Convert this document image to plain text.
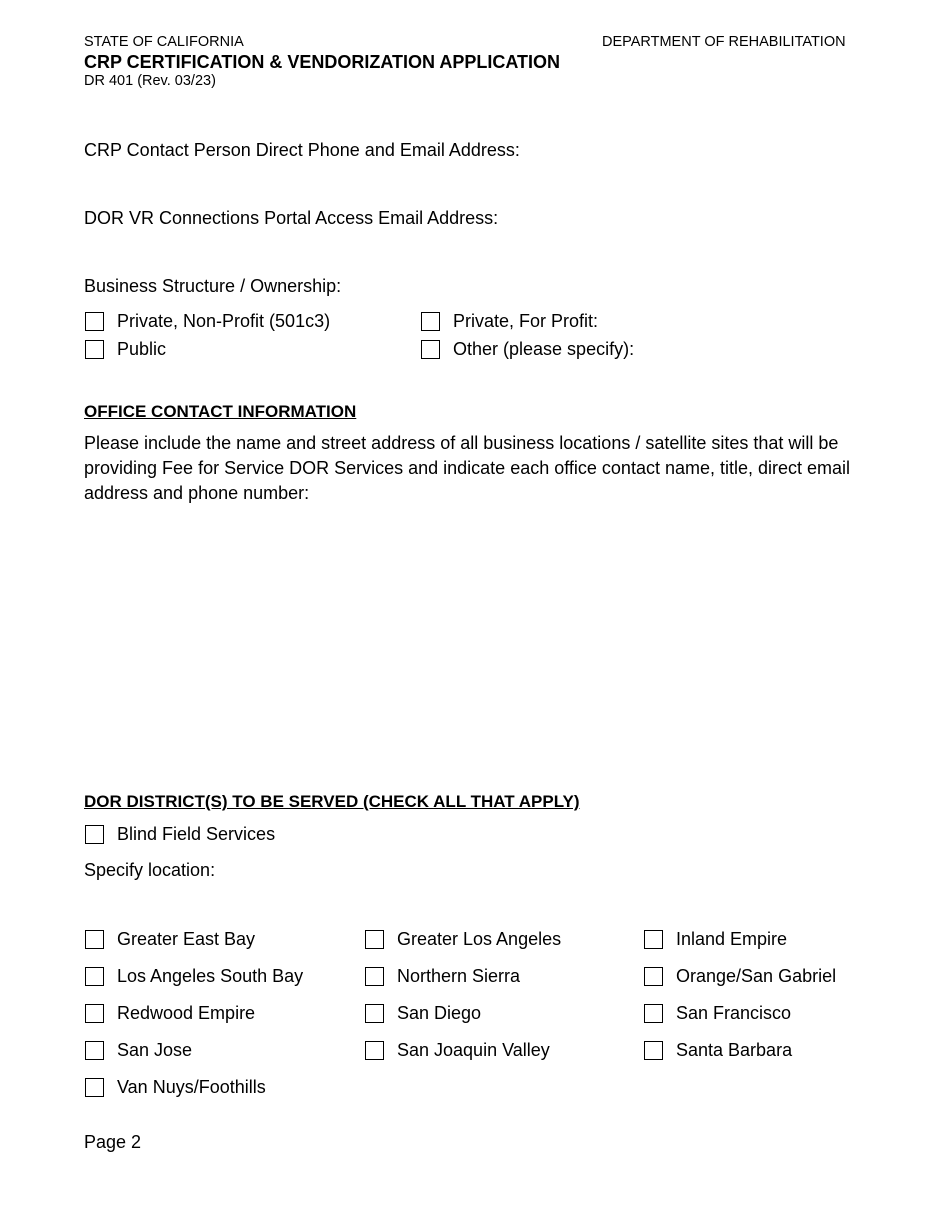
STATE OF CALIFORNIA	DEPARTMENT OF REHABILITATION
CRP CERTIFICATION & VENDORIZATION APPLICATION
DR 401 (Rev. 03/23)
CRP Contact Person Direct Phone and Email Address:
DOR VR Connections Portal Access Email Address:
Business Structure / Ownership:
Private, Non-Profit (501c3)	Private, For Profit:
Public	Other (please specify):
OFFICE CONTACT INFORMATION
Please include the name and street address of all business locations / satellite sites that will be providing Fee for Service DOR Services and indicate each office contact name, title, direct email address and phone number:
DOR DISTRICT(S) TO BE SERVED (CHECK ALL THAT APPLY)
Blind Field Services
Specify location:
Greater East Bay	Greater Los Angeles	Inland Empire
Los Angeles South Bay	Northern Sierra	Orange/San Gabriel
Redwood Empire	San Diego	San Francisco
San Jose	San Joaquin Valley	Santa Barbara
Van Nuys/Foothills
Page 2
